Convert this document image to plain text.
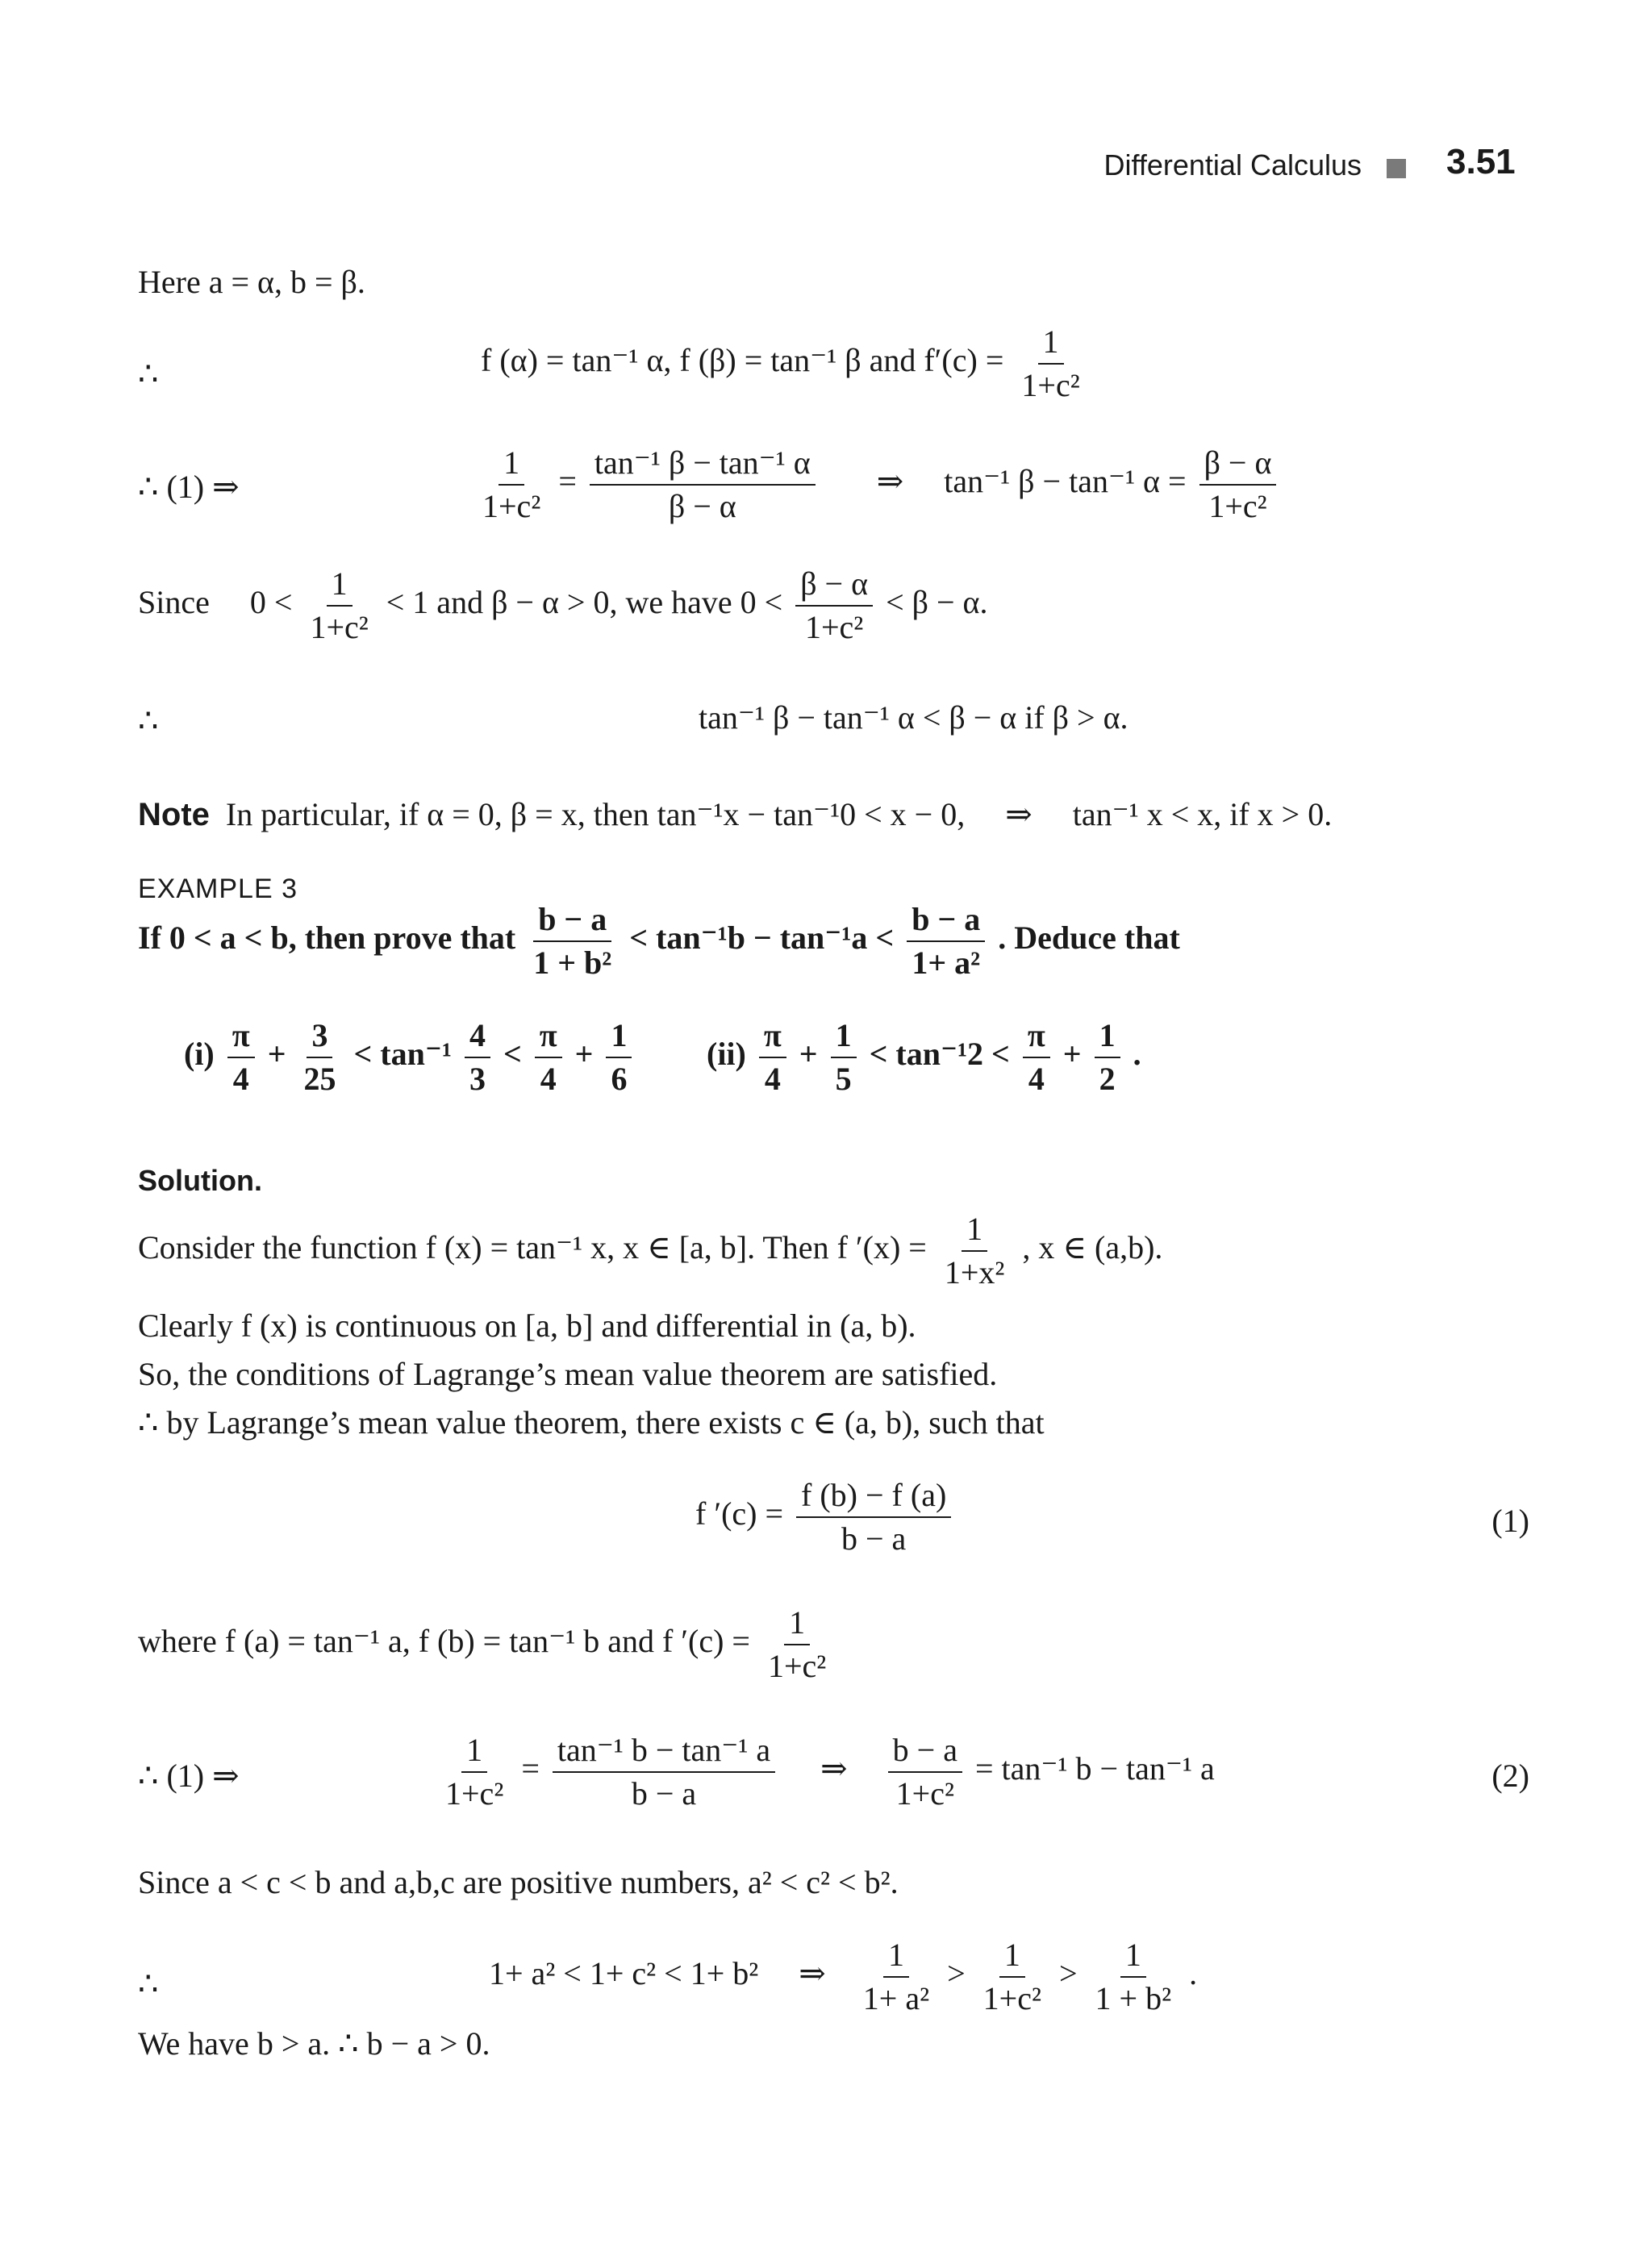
Differential Calculus 3.51
Here a = α, b = β.
∴	f (α) = tan⁻¹ α, f (β) = tan⁻¹ β and $f'(c) = \frac{1}{\text{1+c²}}$
∴ (1) ⇒	$\frac{1}{\text{1+c²}} = \frac{\text{tan⁻¹ β − tan⁻¹ α}}{\beta - \alpha}$ ⇒ tan⁻¹ β − tan⁻¹ $\alpha = \frac{\beta - \alpha}{\text{1+c²}}$
Since $0 < \frac{1}{\text{1+c²}} < 1$ and β − α > 0, we have $0 < \frac{\beta - \alpha}{\text{1+c²}} < \beta - \alpha$.
∴	tan⁻¹ β − tan⁻¹ α < β − α if β > α.
Note In particular, if α = 0, β = x, then tan⁻¹x − tan⁻¹0 < x − 0, ⇒ tan⁻¹ x < x, if x > 0.
EXAMPLE 3
If 0 < a < b, then prove that $\frac{b - a}{\text{1 + b²}} < \tan^{-1}b - \tan^{-1}a < \frac{b - a}{\text{1+ a²}}$ . Deduce that
$(i) \frac{\pi}{4} + \frac{3}{25} < \tan^{-1} \frac{4}{3} < \frac{\pi}{4} + \frac{1}{6} (ii) \frac{\pi}{4} + \frac{1}{5} < \tan^{-1}2 < \frac{\pi}{4} + \frac{1}{2}$ .
Solution.
Consider the function f (x) = tan⁻¹ x, x ∈ [a, b]. Then f $'(x) = \frac{1}{\text{1+x²}}$ , x ∈ (a,b).
Clearly f (x) is continuous on [a, b] and differential in (a, b).
So, the conditions of Lagrange’s mean value theorem are satisfied.
∴ by Lagrange’s mean value theorem, there exists c ∈ (a, b), such that
f $'(c) = \frac{f (b) - f (a)}{b - a}$	(1)
where f (a) = tan⁻¹ a, f (b) = tan⁻¹ b and f $'(c) = \frac{1}{\text{1+c²}}$
∴ (1) ⇒	$\frac{1}{\text{1+c²}} = \frac{\text{tan⁻¹ b − tan⁻¹ a}}{b - a}$ ⇒ $\frac{b - a}{\text{1+c²}} = \tan^{-1}$ b − tan⁻¹ a	(2)
Since a < c < b and a,b,c are positive numbers, a² < c² < b².
∴	1+ a² < 1+ c² < 1+ b² ⇒ $\frac{1}{\text{1+ a²}} > \frac{1}{\text{1+c²}} > \frac{1}{\text{1 + b²}}$ .
We have b > a. ∴ b − a > 0.
